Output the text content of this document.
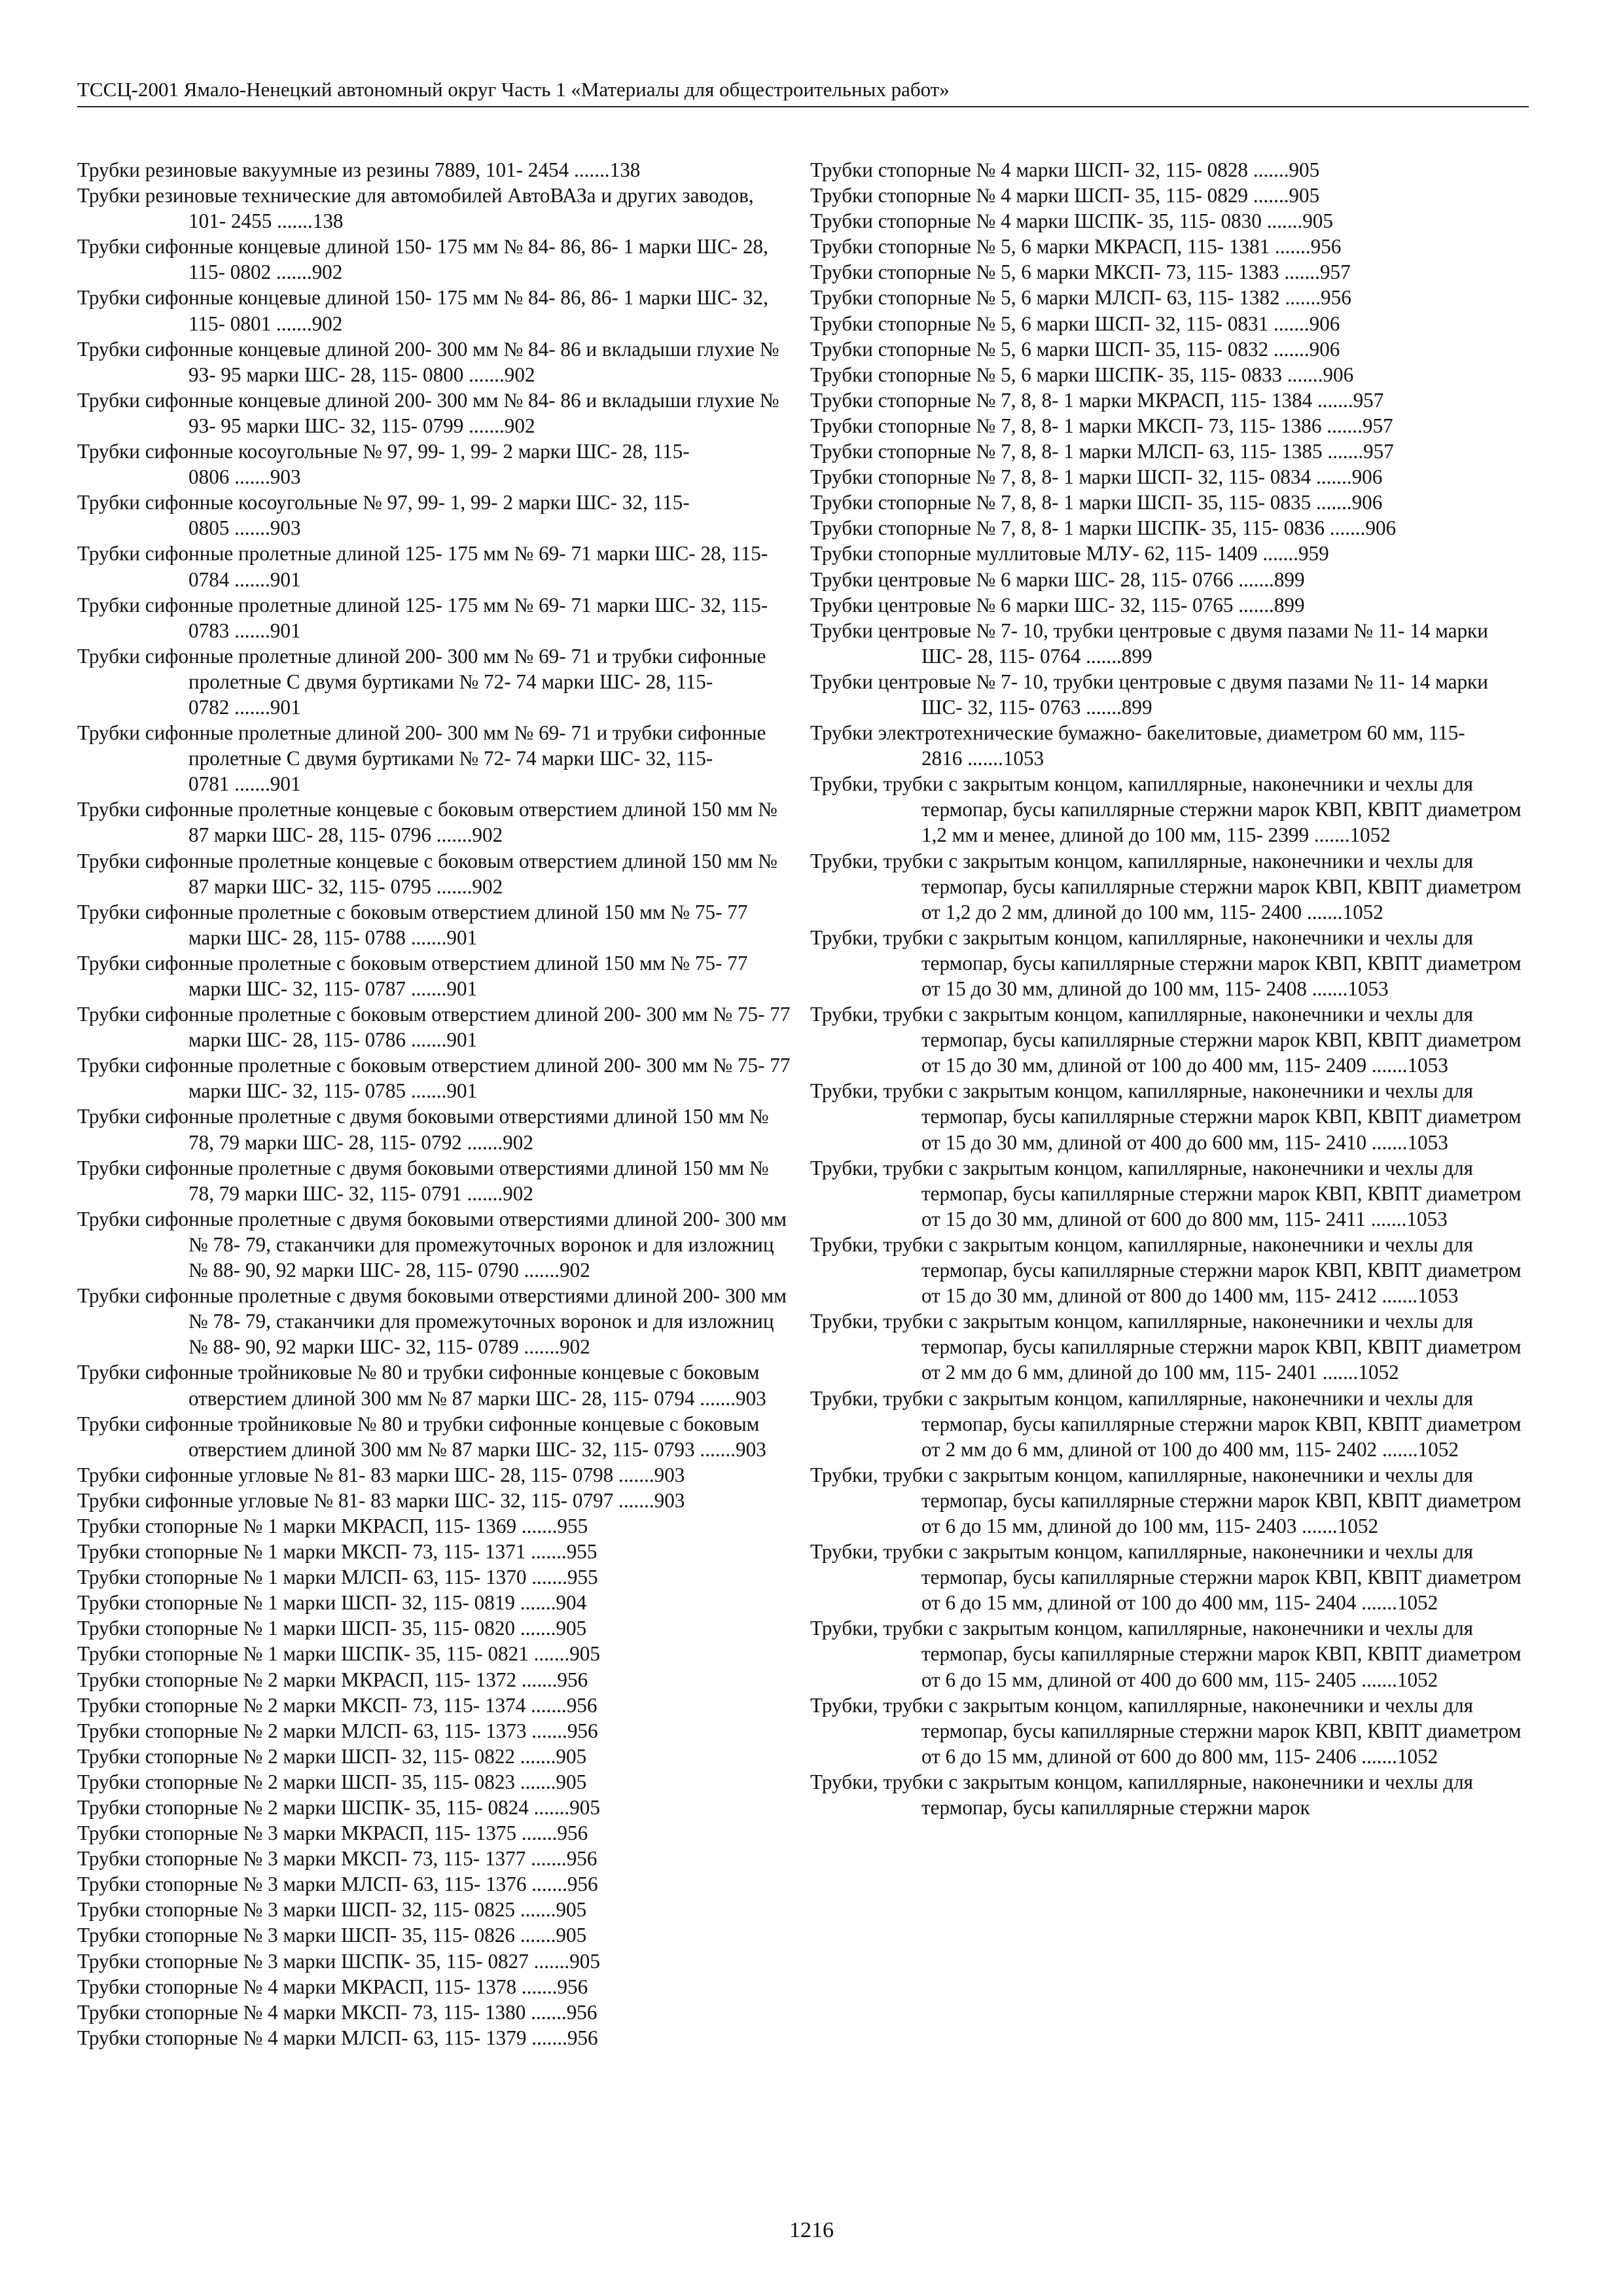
ТССЦ-2001 Ямало-Ненецкий автономный округ Часть 1 «Материалы для общестроительных работ»
Трубки резиновые вакуумные из резины 7889, 101- 2454 .......138
Трубки резиновые технические для автомобилей АвтоВАЗа и других заводов, 101- 2455 .......138
Трубки сифонные концевые длиной 150- 175 мм № 84- 86, 86- 1 марки ШС- 28, 115- 0802 .......902
Трубки сифонные концевые длиной 150- 175 мм № 84- 86, 86- 1 марки ШС- 32, 115- 0801 .......902
Трубки сифонные концевые длиной 200- 300 мм № 84- 86 и вкладыши глухие № 93- 95 марки ШС- 28, 115- 0800 .......902
Трубки сифонные концевые длиной 200- 300 мм № 84- 86 и вкладыши глухие № 93- 95 марки ШС- 32, 115- 0799 .......902
Трубки сифонные косоугольные № 97, 99- 1, 99- 2 марки ШС- 28, 115- 0806 .......903
Трубки сифонные косоугольные № 97, 99- 1, 99- 2 марки ШС- 32, 115- 0805 .......903
Трубки сифонные пролетные длиной 125- 175 мм № 69- 71 марки ШС- 28, 115- 0784 .......901
Трубки сифонные пролетные длиной 125- 175 мм № 69- 71 марки ШС- 32, 115- 0783 .......901
Трубки сифонные пролетные длиной 200- 300 мм № 69- 71 и трубки сифонные пролетные С двумя буртиками № 72- 74 марки ШС- 28, 115- 0782 .......901
Трубки сифонные пролетные длиной 200- 300 мм № 69- 71 и трубки сифонные пролетные С двумя буртиками № 72- 74 марки ШС- 32, 115- 0781 .......901
Трубки сифонные пролетные концевые с боковым отверстием длиной 150 мм № 87 марки ШС- 28, 115- 0796 .......902
Трубки сифонные пролетные концевые с боковым отверстием длиной 150 мм № 87 марки ШС- 32, 115- 0795 .......902
Трубки сифонные пролетные с боковым отверстием длиной 150 мм № 75- 77 марки ШС- 28, 115- 0788 .......901
Трубки сифонные пролетные с боковым отверстием длиной 150 мм № 75- 77 марки ШС- 32, 115- 0787 .......901
Трубки сифонные пролетные с боковым отверстием длиной 200- 300 мм № 75- 77 марки ШС- 28, 115- 0786 .......901
Трубки сифонные пролетные с боковым отверстием длиной 200- 300 мм № 75- 77 марки ШС- 32, 115- 0785 .......901
Трубки сифонные пролетные с двумя боковыми отверстиями длиной 150 мм № 78, 79 марки ШС- 28, 115- 0792 .......902
Трубки сифонные пролетные с двумя боковыми отверстиями длиной 150 мм № 78, 79 марки ШС- 32, 115- 0791 .......902
Трубки сифонные пролетные с двумя боковыми отверстиями длиной 200- 300 мм № 78- 79, стаканчики для промежуточных воронок и для изложниц № 88- 90, 92 марки ШС- 28, 115- 0790 .......902
Трубки сифонные пролетные с двумя боковыми отверстиями длиной 200- 300 мм № 78- 79, стаканчики для промежуточных воронок и для изложниц № 88- 90, 92 марки ШС- 32, 115- 0789 .......902
Трубки сифонные тройниковые № 80 и трубки сифонные концевые с боковым отверстием длиной 300 мм № 87 марки ШС- 28, 115- 0794 .......903
Трубки сифонные тройниковые № 80 и трубки сифонные концевые с боковым отверстием длиной 300 мм № 87 марки ШС- 32, 115- 0793 .......903
Трубки сифонные угловые № 81- 83 марки ШС- 28, 115- 0798 .......903
Трубки сифонные угловые № 81- 83 марки ШС- 32, 115- 0797 .......903
Трубки стопорные № 1 марки МКРАСП, 115- 1369 .......955
Трубки стопорные № 1 марки МКСП- 73, 115- 1371 .......955
Трубки стопорные № 1 марки МЛСП- 63, 115- 1370 .......955
Трубки стопорные № 1 марки ШСП- 32, 115- 0819 .......904
Трубки стопорные № 1 марки ШСП- 35, 115- 0820 .......905
Трубки стопорные № 1 марки ШСПК- 35, 115- 0821 .......905
Трубки стопорные № 2 марки МКРАСП, 115- 1372 .......956
Трубки стопорные № 2 марки МКСП- 73, 115- 1374 .......956
Трубки стопорные № 2 марки МЛСП- 63, 115- 1373 .......956
Трубки стопорные № 2 марки ШСП- 32, 115- 0822 .......905
Трубки стопорные № 2 марки ШСП- 35, 115- 0823 .......905
Трубки стопорные № 2 марки ШСПК- 35, 115- 0824 .......905
Трубки стопорные № 3 марки МКРАСП, 115- 1375 .......956
Трубки стопорные № 3 марки МКСП- 73, 115- 1377 .......956
Трубки стопорные № 3 марки МЛСП- 63, 115- 1376 .......956
Трубки стопорные № 3 марки ШСП- 32, 115- 0825 .......905
Трубки стопорные № 3 марки ШСП- 35, 115- 0826 .......905
Трубки стопорные № 3 марки ШСПК- 35, 115- 0827 .......905
Трубки стопорные № 4 марки МКРАСП, 115- 1378 .......956
Трубки стопорные № 4 марки МКСП- 73, 115- 1380 .......956
Трубки стопорные № 4 марки МЛСП- 63, 115- 1379 .......956
Трубки стопорные № 4 марки ШСП- 32, 115- 0828 .......905
Трубки стопорные № 4 марки ШСП- 35, 115- 0829 .......905
Трубки стопорные № 4 марки ШСПК- 35, 115- 0830 .......905
Трубки стопорные № 5, 6 марки МКРАСП, 115- 1381 .......956
Трубки стопорные № 5, 6 марки МКСП- 73, 115- 1383 .......957
Трубки стопорные № 5, 6 марки МЛСП- 63, 115- 1382 .......956
Трубки стопорные № 5, 6 марки ШСП- 32, 115- 0831 .......906
Трубки стопорные № 5, 6 марки ШСП- 35, 115- 0832 .......906
Трубки стопорные № 5, 6 марки ШСПК- 35, 115- 0833 .......906
Трубки стопорные № 7, 8, 8- 1 марки МКРАСП, 115- 1384 .......957
Трубки стопорные № 7, 8, 8- 1 марки МКСП- 73, 115- 1386 .......957
Трубки стопорные № 7, 8, 8- 1 марки МЛСП- 63, 115- 1385 .......957
Трубки стопорные № 7, 8, 8- 1 марки ШСП- 32, 115- 0834 .......906
Трубки стопорные № 7, 8, 8- 1 марки ШСП- 35, 115- 0835 .......906
Трубки стопорные № 7, 8, 8- 1 марки ШСПК- 35, 115- 0836 .......906
Трубки стопорные муллитовые МЛУ- 62, 115- 1409 .......959
Трубки центровые № 6 марки ШС- 28, 115- 0766 .......899
Трубки центровые № 6 марки ШС- 32, 115- 0765 .......899
Трубки центровые № 7- 10, трубки центровые с двумя пазами № 11- 14 марки ШС- 28, 115- 0764 .......899
Трубки центровые № 7- 10, трубки центровые с двумя пазами № 11- 14 марки ШС- 32, 115- 0763 .......899
Трубки электротехнические бумажно- бакелитовые, диаметром 60 мм, 115- 2816 .......1053
Трубки, трубки с закрытым концом, капиллярные, наконечники и чехлы для термопар, бусы капиллярные стержни марок КВП, КВПТ диаметром 1,2 мм и менее, длиной до 100 мм, 115- 2399 .......1052
Трубки, трубки с закрытым концом, капиллярные, наконечники и чехлы для термопар, бусы капиллярные стержни марок КВП, КВПТ диаметром от 1,2 до 2 мм, длиной до 100 мм, 115- 2400 .......1052
Трубки, трубки с закрытым концом, капиллярные, наконечники и чехлы для термопар, бусы капиллярные стержни марок КВП, КВПТ диаметром от 15 до 30 мм, длиной до 100 мм, 115- 2408 .......1053
Трубки, трубки с закрытым концом, капиллярные, наконечники и чехлы для термопар, бусы капиллярные стержни марок КВП, КВПТ диаметром от 15 до 30 мм, длиной от 100 до 400 мм, 115- 2409 .......1053
Трубки, трубки с закрытым концом, капиллярные, наконечники и чехлы для термопар, бусы капиллярные стержни марок КВП, КВПТ диаметром от 15 до 30 мм, длиной от 400 до 600 мм, 115- 2410 .......1053
Трубки, трубки с закрытым концом, капиллярные, наконечники и чехлы для термопар, бусы капиллярные стержни марок КВП, КВПТ диаметром от 15 до 30 мм, длиной от 600 до 800 мм, 115- 2411 .......1053
Трубки, трубки с закрытым концом, капиллярные, наконечники и чехлы для термопар, бусы капиллярные стержни марок КВП, КВПТ диаметром от 15 до 30 мм, длиной от 800 до 1400 мм, 115- 2412 .......1053
Трубки, трубки с закрытым концом, капиллярные, наконечники и чехлы для термопар, бусы капиллярные стержни марок КВП, КВПТ диаметром от 2 мм до 6 мм, длиной до 100 мм, 115- 2401 .......1052
Трубки, трубки с закрытым концом, капиллярные, наконечники и чехлы для термопар, бусы капиллярные стержни марок КВП, КВПТ диаметром от 2 мм до 6 мм, длиной от 100 до 400 мм, 115- 2402 .......1052
Трубки, трубки с закрытым концом, капиллярные, наконечники и чехлы для термопар, бусы капиллярные стержни марок КВП, КВПТ диаметром от 6 до 15 мм, длиной до 100 мм, 115- 2403 .......1052
Трубки, трубки с закрытым концом, капиллярные, наконечники и чехлы для термопар, бусы капиллярные стержни марок КВП, КВПТ диаметром от 6 до 15 мм, длиной от 100 до 400 мм, 115- 2404 .......1052
Трубки, трубки с закрытым концом, капиллярные, наконечники и чехлы для термопар, бусы капиллярные стержни марок КВП, КВПТ диаметром от 6 до 15 мм, длиной от 400 до 600 мм, 115- 2405 .......1052
Трубки, трубки с закрытым концом, капиллярные, наконечники и чехлы для термопар, бусы капиллярные стержни марок КВП, КВПТ диаметром от 6 до 15 мм, длиной от 600 до 800 мм, 115- 2406 .......1052
Трубки, трубки с закрытым концом, капиллярные, наконечники и чехлы для термопар, бусы капиллярные стержни марок
1216
